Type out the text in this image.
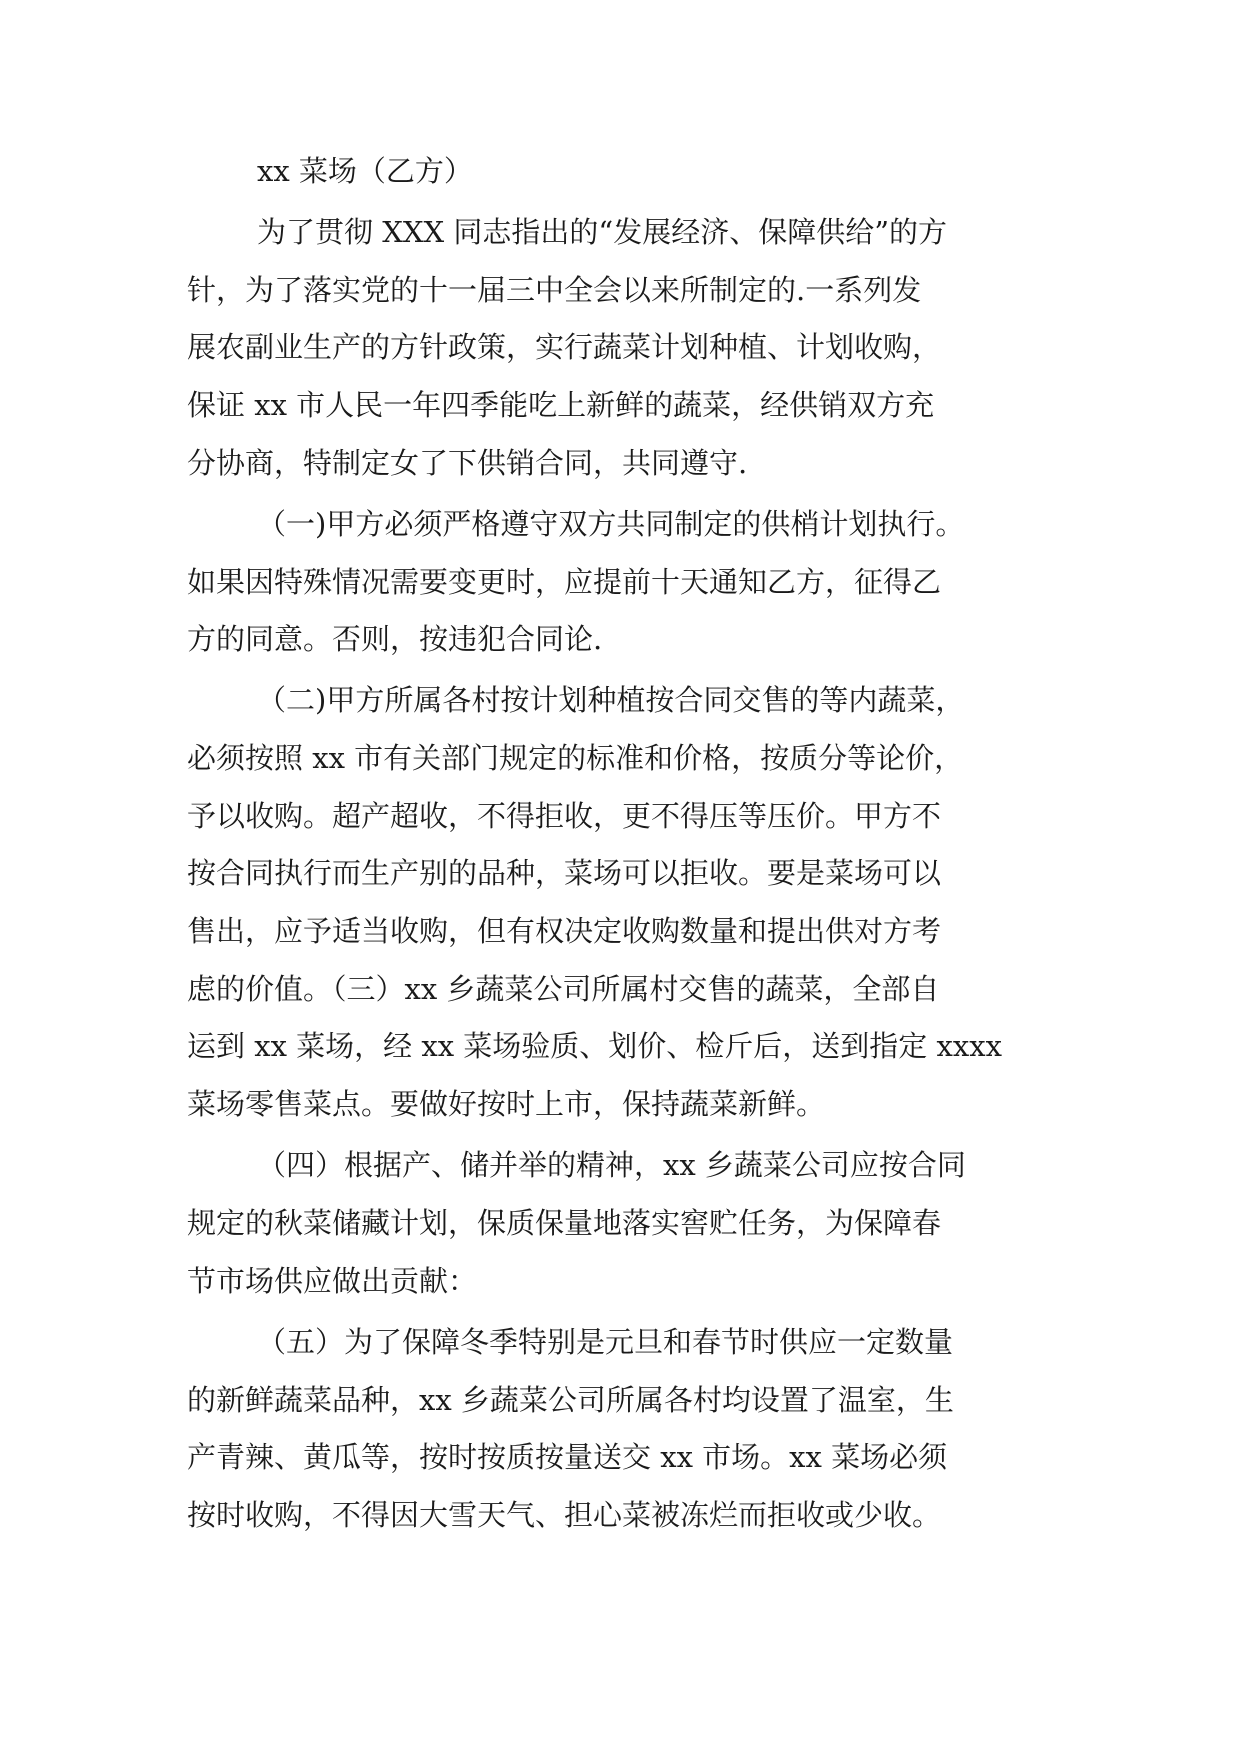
xx 菜场（乙方）
为了贯彻 XXX 同志指出的“发展经济、保障供给”的方
针，为了落实党的十一届三中全会以来所制定的.一系列发
展农副业生产的方针政策，实行蔬菜计划种植、计划收购，
保证 xx 市人民一年四季能吃上新鲜的蔬菜，经供销双方充
分协商，特制定女了下供销合同，共同遵守.
（一)甲方必须严格遵守双方共同制定的供梢计划执行。
如果因特殊情况需要变更时，应提前十天通知乙方，征得乙
方的同意。否则，按违犯合同论.
（二)甲方所属各村按计划种植按合同交售的等内蔬菜，
必须按照 xx 市有关部门规定的标准和价格，按质分等论价，
予以收购。超产超收，不得拒收，更不得压等压价。甲方不
按合同执行而生产别的品种，菜场可以拒收。要是菜场可以
售出，应予适当收购，但有权决定收购数量和提出供对方考
虑的价值。（三）xx 乡蔬菜公司所属村交售的蔬菜，全部自
运到 xx 菜场，经 xx 菜场验质、划价、检斤后，送到指定 xxxx
菜场零售菜点。要做好按时上市，保持蔬菜新鲜。
（四）根据产、储并举的精神，xx 乡蔬菜公司应按合同
规定的秋菜储藏计划，保质保量地落实窖贮任务，为保障春
节市场供应做出贡献：
（五）为了保障冬季特别是元旦和春节时供应一定数量
的新鲜蔬菜品种，xx 乡蔬菜公司所属各村均设置了温室，生
产青辣、黄瓜等，按时按质按量送交 xx 市场。xx 菜场必须
按时收购，不得因大雪天气、担心菜被冻烂而拒收或少收。
